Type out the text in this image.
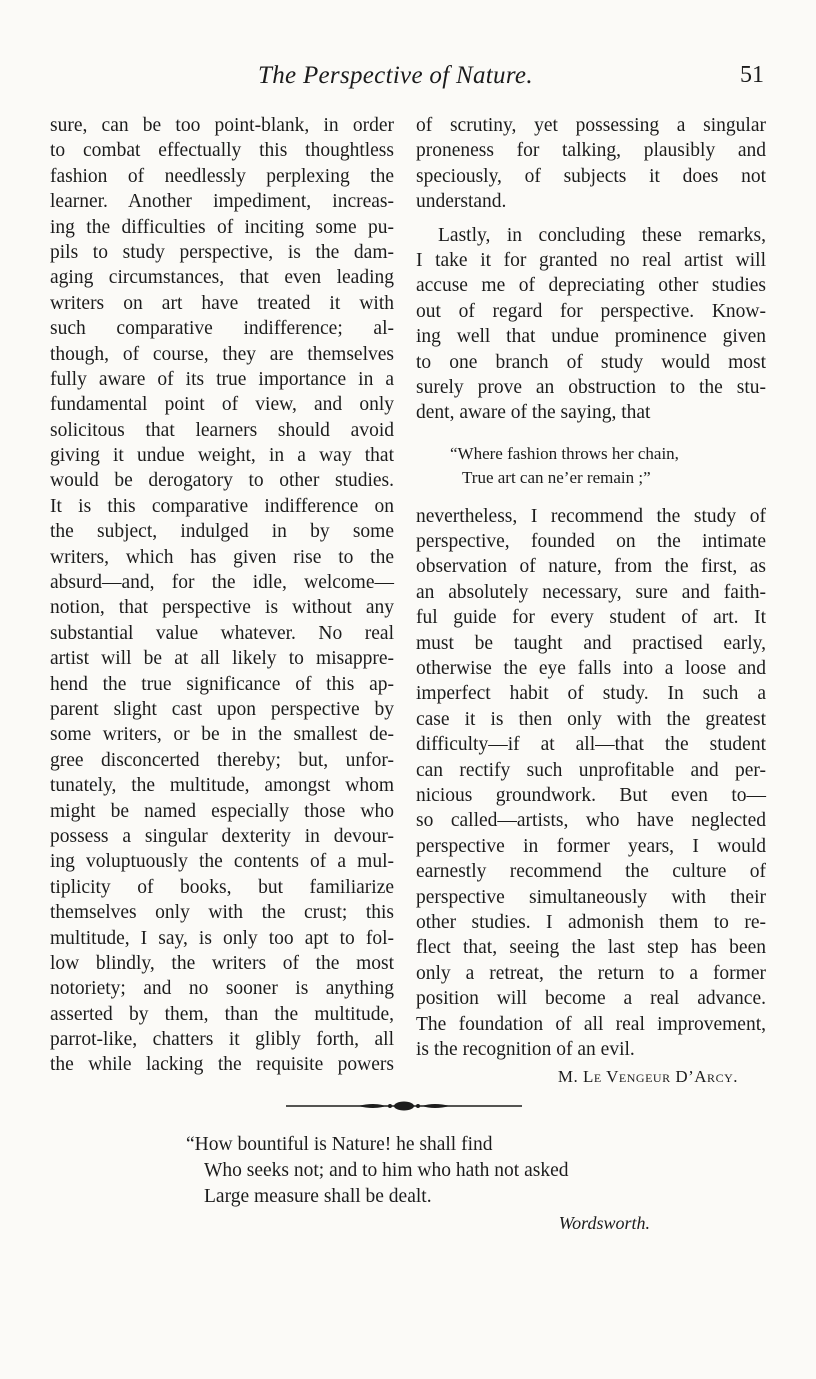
The Perspective of Nature.	51
sure, can be too point-blank, in order
to combat effectually this thoughtless
fashion of needlessly perplexing the
learner. Another impediment, increas-
ing the difficulties of inciting some pu-
pils to study perspective, is the dam-
aging circumstances, that even leading
writers on art have treated it with
such comparative indifference; al-
though, of course, they are themselves
fully aware of its true importance in a
fundamental point of view, and only
solicitous that learners should avoid
giving it undue weight, in a way that
would be derogatory to other studies.
It is this comparative indifference on
the subject, indulged in by some
writers, which has given rise to the
absurd—and, for the idle, welcome—
notion, that perspective is without any
substantial value whatever. No real
artist will be at all likely to misappre-
hend the true significance of this ap-
parent slight cast upon perspective by
some writers, or be in the smallest de-
gree disconcerted thereby; but, unfor-
tunately, the multitude, amongst whom
might be named especially those who
possess a singular dexterity in devour-
ing voluptuously the contents of a mul-
tiplicity of books, but familiarize
themselves only with the crust; this
multitude, I say, is only too apt to fol-
low blindly, the writers of the most
notoriety; and no sooner is anything
asserted by them, than the multitude,
parrot-like, chatters it glibly forth, all
the while lacking the requisite powers
of scrutiny, yet possessing a singular
proneness for talking, plausibly and
speciously, of subjects it does not
understand.
Lastly, in concluding these remarks,
I take it for granted no real artist will
accuse me of depreciating other studies
out of regard for perspective. Know-
ing well that undue prominence given
to one branch of study would most
surely prove an obstruction to the stu-
dent, aware of the saying, that
“Where fashion throws her chain,
True art can ne’er remain ;”
nevertheless, I recommend the study of
perspective, founded on the intimate
observation of nature, from the first, as
an absolutely necessary, sure and faith-
ful guide for every student of art. It
must be taught and practised early,
otherwise the eye falls into a loose and
imperfect habit of study. In such a
case it is then only with the greatest
difficulty—if at all—that the student
can rectify such unprofitable and per-
nicious groundwork. But even to—
so called—artists, who have neglected
perspective in former years, I would
earnestly recommend the culture of
perspective simultaneously with their
other studies. I admonish them to re-
flect that, seeing the last step has been
only a retreat, the return to a former
position will become a real advance.
The foundation of all real improvement,
is the recognition of an evil.
M. Le Vengeur D’Arcy.
“How bountiful is Nature! he shall find
Who seeks not; and to him who hath not asked
Large measure shall be dealt.
Wordsworth.
